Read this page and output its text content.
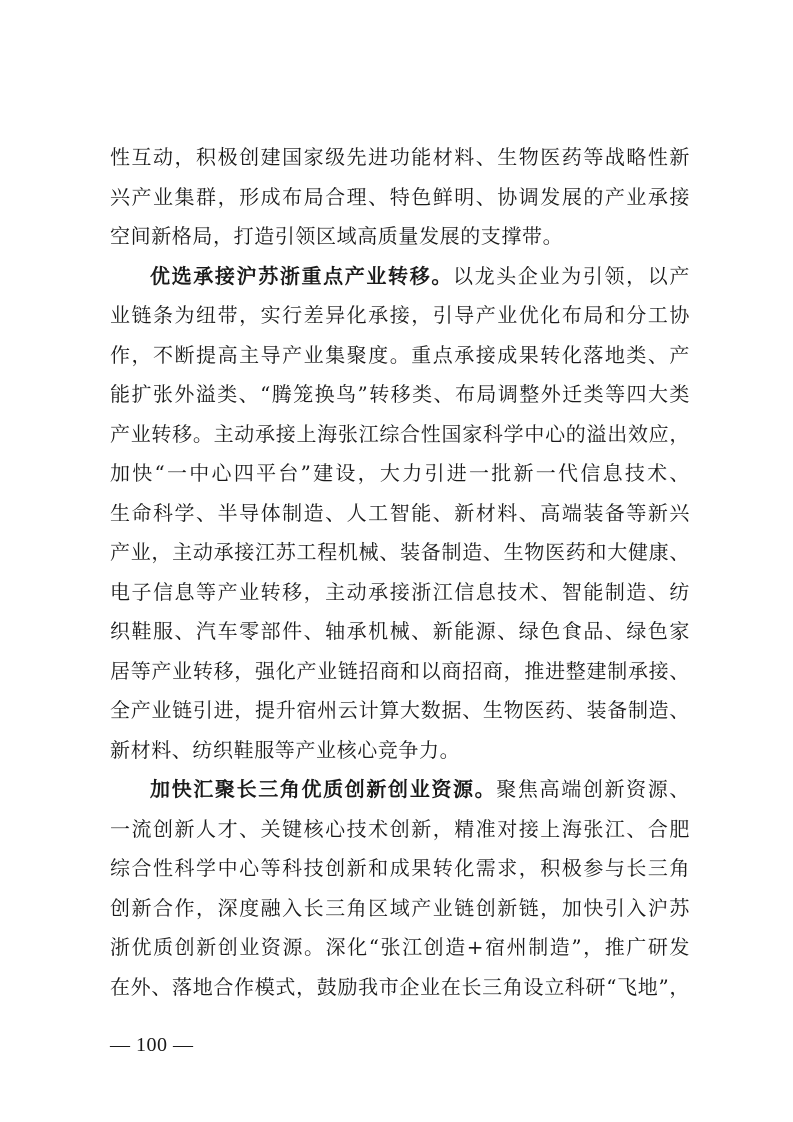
性互动，积极创建国家级先进功能材料、生物医药等战略性新
兴产业集群，形成布局合理、特色鲜明、协调发展的产业承接
空间新格局，打造引领区域高质量发展的支撑带。
优选承接沪苏浙重点产业转移。以龙头企业为引领，以产
业链条为纽带，实行差异化承接，引导产业优化布局和分工协
作，不断提高主导产业集聚度。重点承接成果转化落地类、产
能扩张外溢类、“腾笼换鸟”转移类、布局调整外迁类等四大类
产业转移。主动承接上海张江综合性国家科学中心的溢出效应，
加快“一中心四平台”建设，大力引进一批新一代信息技术、
生命科学、半导体制造、人工智能、新材料、高端装备等新兴
产业，主动承接江苏工程机械、装备制造、生物医药和大健康、
电子信息等产业转移，主动承接浙江信息技术、智能制造、纺
织鞋服、汽车零部件、轴承机械、新能源、绿色食品、绿色家
居等产业转移，强化产业链招商和以商招商，推进整建制承接、
全产业链引进，提升宿州云计算大数据、生物医药、装备制造、
新材料、纺织鞋服等产业核心竞争力。
加快汇聚长三角优质创新创业资源。聚焦高端创新资源、
一流创新人才、关键核心技术创新，精准对接上海张江、合肥
综合性科学中心等科技创新和成果转化需求，积极参与长三角
创新合作，深度融入长三角区域产业链创新链，加快引入沪苏
浙优质创新创业资源。深化“张江创造+宿州制造”，推广研发
在外、落地合作模式，鼓励我市企业在长三角设立科研“飞地”，
— 100 —
